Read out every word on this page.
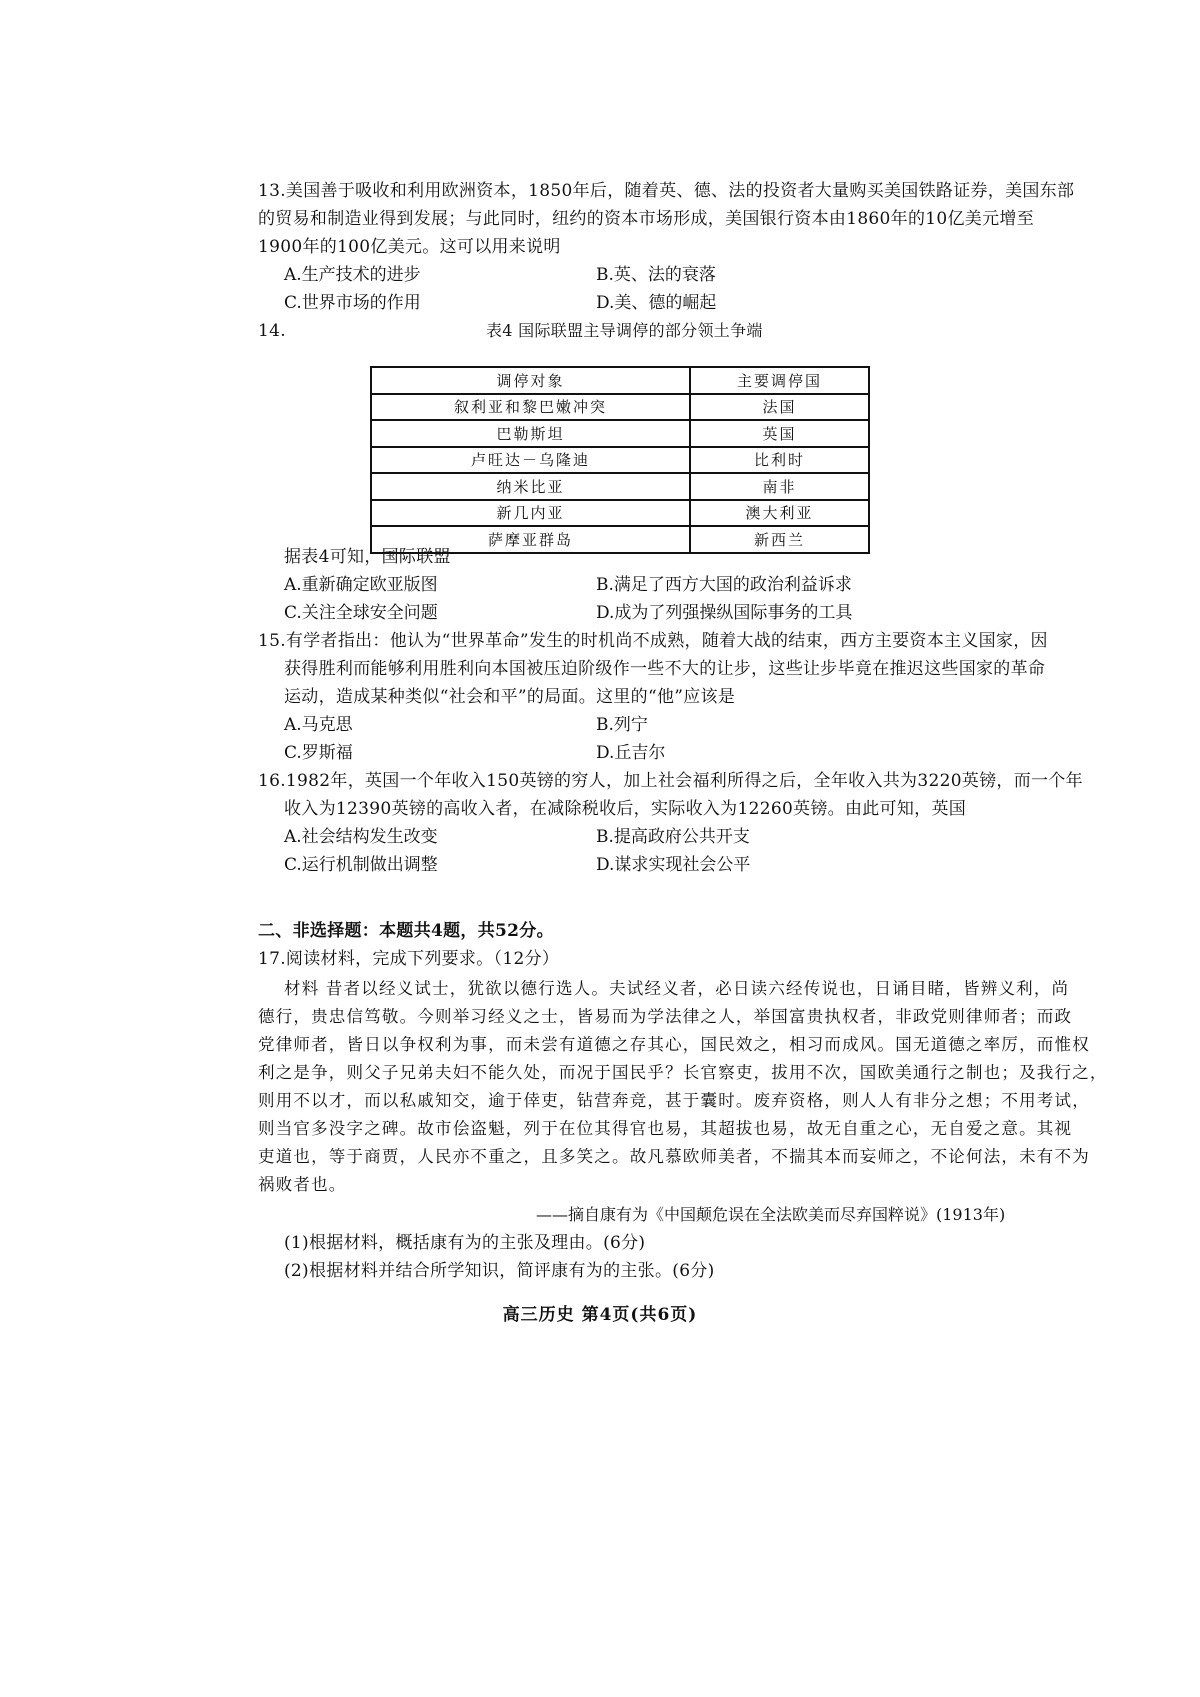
13.美国善于吸收和利用欧洲资本，1850年后，随着英、德、法的投资者大量购买美国铁路证券，美国东部
的贸易和制造业得到发展；与此同时，纽约的资本市场形成，美国银行资本由1860年的10亿美元增至
1900年的100亿美元。这可以用来说明
A.生产技术的进步	B.英、法的衰落
C.世界市场的作用	D.美、德的崛起
14.	表4 国际联盟主导调停的部分领土争端
调停对象	主要调停国
叙利亚和黎巴嫩冲突	法国
巴勒斯坦	英国
卢旺达－乌隆迪	比利时
纳米比亚	南非
新几内亚	澳大利亚
萨摩亚群岛	新西兰
据表4可知，国际联盟
A.重新确定欧亚版图	B.满足了西方大国的政治利益诉求
C.关注全球安全问题	D.成为了列强操纵国际事务的工具
15.有学者指出：他认为“世界革命”发生的时机尚不成熟，随着大战的结束，西方主要资本主义国家，因
获得胜利而能够利用胜利向本国被压迫阶级作一些不大的让步，这些让步毕竟在推迟这些国家的革命
运动，造成某种类似“社会和平”的局面。这里的“他”应该是
A.马克思	B.列宁
C.罗斯福	D.丘吉尔
16.1982年，英国一个年收入150英镑的穷人，加上社会福利所得之后，全年收入共为3220英镑，而一个年
收入为12390英镑的高收入者，在减除税收后，实际收入为12260英镑。由此可知，英国
A.社会结构发生改变	B.提高政府公共开支
C.运行机制做出调整	D.谋求实现社会公平
二、非选择题：本题共4题，共52分。
17.阅读材料，完成下列要求。（12分）
材料 昔者以经义试士，犹欲以德行选人。夫试经义者，必日读六经传说也，日诵目睹，皆辨义利，尚
德行，贵忠信笃敬。今则举习经义之士，皆易而为学法律之人，举国富贵执权者，非政党则律师者；而政
党律师者，皆日以争权利为事，而未尝有道德之存其心，国民效之，相习而成风。国无道德之率厉，而惟权
利之是争，则父子兄弟夫妇不能久处，而况于国民乎？长官察吏，拔用不次，国欧美通行之制也；及我行之，
则用不以才，而以私戚知交，逾于倖吏，钻营奔竞，甚于囊时。废弃资格，则人人有非分之想；不用考试，
则当官多没字之碑。故市侩盗魁，列于在位其得官也易，其超拔也易，故无自重之心，无自爱之意。其视
吏道也，等于商贾，人民亦不重之，且多笑之。故凡慕欧师美者，不揣其本而妄师之，不论何法，未有不为
祸败者也。
——摘自康有为《中国颠危误在全法欧美而尽弃国粹说》(1913年)
(1)根据材料，概括康有为的主张及理由。(6分)
(2)根据材料并结合所学知识，简评康有为的主张。(6分)
高三历史 第4页(共6页)
